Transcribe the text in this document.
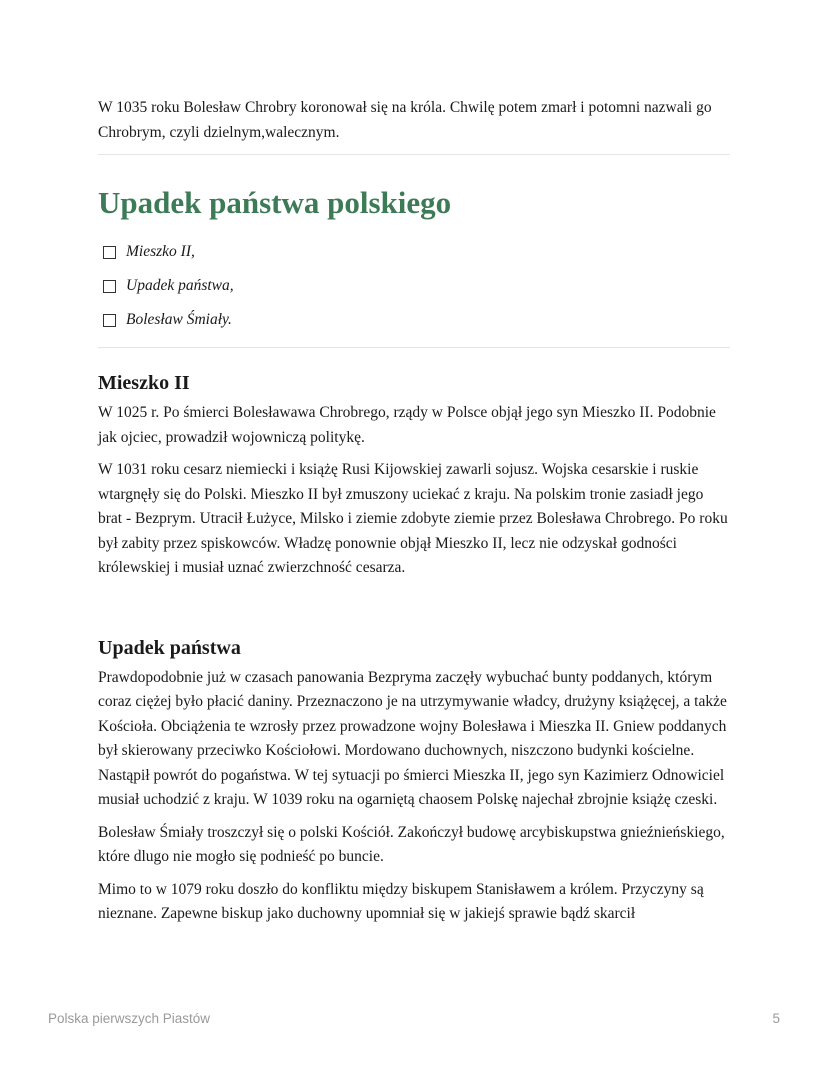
W 1035 roku Bolesław Chrobry koronował się na króla. Chwilę potem zmarł i potomni nazwali go Chrobrym, czyli dzielnym,walecznym.

Upadek państwa polskiego
Mieszko II,
Upadek państwa,
Bolesław Śmiały.
Mieszko II

W 1025 r. Po śmierci Bolesławawa Chrobrego, rządy w Polsce objął jego syn Mieszko II. Podobnie jak ojciec, prowadził wojowniczą politykę.

W 1031 roku cesarz niemiecki i książę Rusi Kijowskiej zawarli sojusz. Wojska cesarskie i ruskie wtargnęły się do Polski. Mieszko II był zmuszony uciekać z kraju. Na polskim tronie zasiadł jego brat - Bezprym. Utracił Łużyce, Milsko i ziemie zdobyte ziemie przez Bolesława Chrobrego. Po roku był zabity przez spiskowców. Władzę ponownie objął Mieszko II, lecz nie odzyskał godności królewskiej i musiał uznać zwierzchność cesarza.

Upadek państwa

Prawdopodobnie już w czasach panowania Bezpryma zaczęły wybuchać bunty poddanych, którym coraz ciężej było płacić daniny. Przeznaczono je na utrzymywanie władcy, drużyny książęcej, a także Kościoła. Obciążenia te wzrosły przez prowadzone wojny Bolesława i Mieszka II. Gniew poddanych był skierowany przeciwko Kościołowi. Mordowano duchownych, niszczono budynki kościelne. Nastąpił powrót do pogaństwa. W tej sytuacji po śmierci Mieszka II, jego syn Kazimierz Odnowiciel musiał uchodzić z kraju. W 1039 roku na ogarniętą chaosem Polskę najechał zbrojnie książę czeski.

Bolesław Śmiały troszczył się o polski Kościół. Zakończył budowę arcybiskupstwa gnieźnieńskiego, które dlugo nie mogło się podnieść po buncie.

Mimo to w 1079 roku doszło do konfliktu między biskupem Stanisławem a królem. Przyczyny są nieznane. Zapewne biskup jako duchowny upomniał się w jakiejś sprawie bądź skarcił

Polska pierwszych Piastów	5
